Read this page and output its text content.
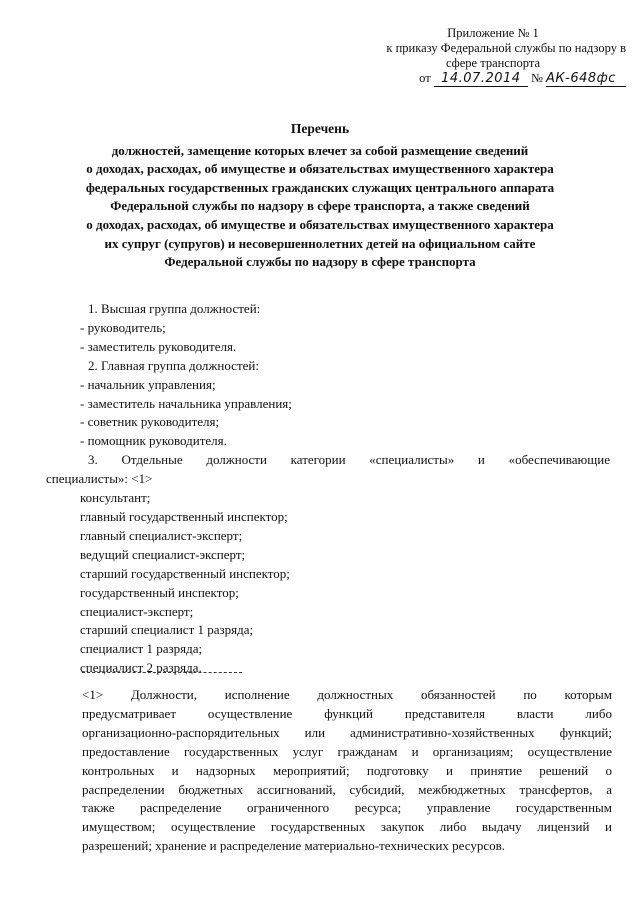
Приложение № 1
к приказу Федеральной службы по надзору в
сфере транспорта
от 14.07.2014 № АК-648фс
Перечень
должностей, замещение которых влечет за собой размещение сведений
о доходах, расходах, об имуществе и обязательствах имущественного характера
федеральных государственных гражданских служащих центрального аппарата
Федеральной службы по надзору в сфере транспорта, а также сведений
о доходах, расходах, об имуществе и обязательствах имущественного характера
их супруг (супругов) и несовершеннолетних детей на официальном сайте
Федеральной службы по надзору в сфере транспорта
1. Высшая группа должностей:
- руководитель;
- заместитель руководителя.
2. Главная группа должностей:
- начальник управления;
- заместитель начальника управления;
- советник руководителя;
- помощник руководителя.
3. Отдельные должности категории «специалисты» и «обеспечивающие
специалисты»: <1>
консультант;
главный государственный инспектор;
главный специалист-эксперт;
ведущий специалист-эксперт;
старший государственный инспектор;
государственный инспектор;
специалист-эксперт;
старший специалист 1 разряда;
специалист 1 разряда;
специалист 2 разряда.
<1> Должности, исполнение должностных обязанностей по которым
предусматривает осуществление функций представителя власти либо
организационно-распорядительных или административно-хозяйственных функций;
предоставление государственных услуг гражданам и организациям; осуществление
контрольных и надзорных мероприятий; подготовку и принятие решений о
распределении бюджетных ассигнований, субсидий, межбюджетных трансфертов, а
также распределение ограниченного ресурса; управление государственным
имуществом; осуществление государственных закупок либо выдачу лицензий и
разрешений; хранение и распределение материально-технических ресурсов.
